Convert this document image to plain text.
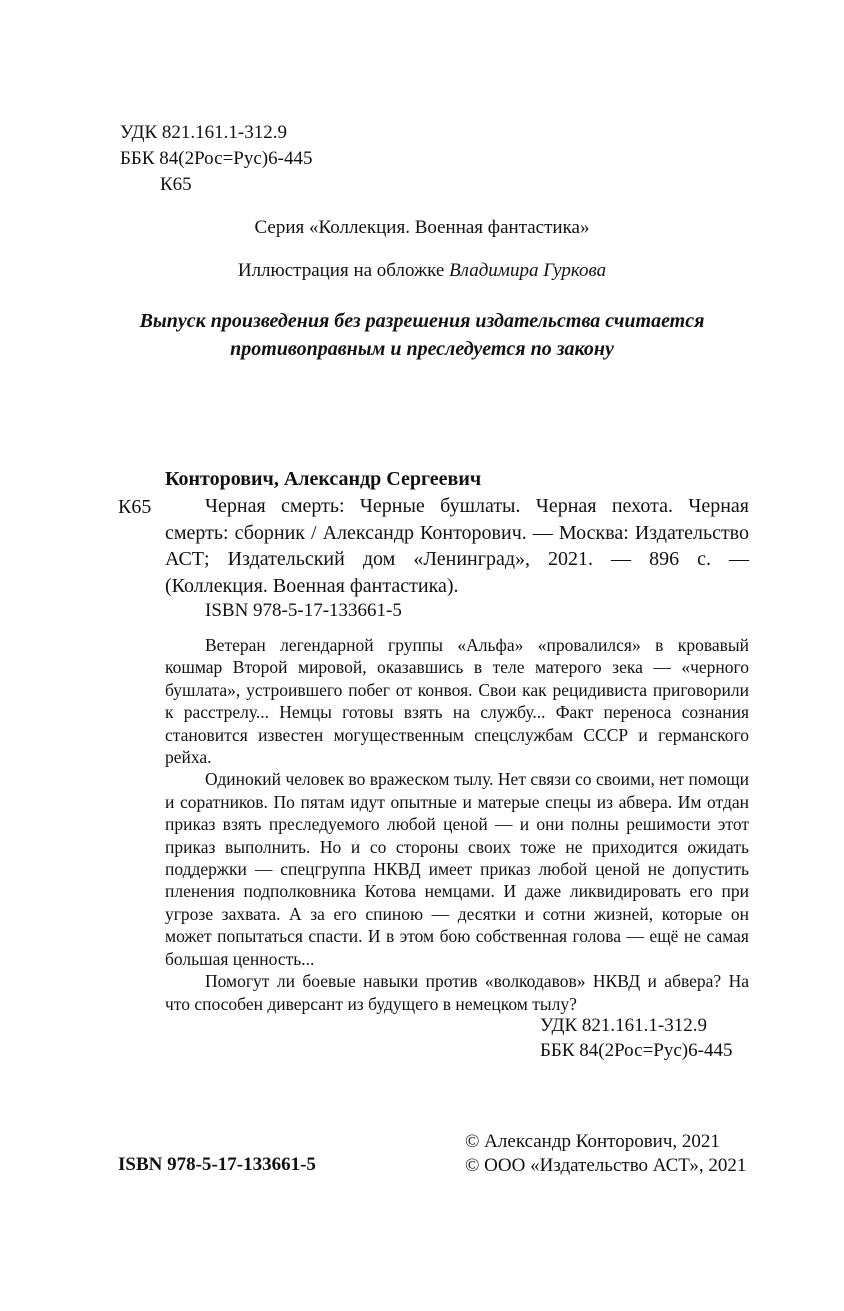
УДК 821.161.1-312.9
ББК 84(2Рос=Рус)6-445
К65
Серия «Коллекция. Военная фантастика»
Иллюстрация на обложке Владимира Гуркова
Выпуск произведения без разрешения издательства считается
противоправным и преследуется по закону
Конторович, Александр Сергеевич
К65	Черная смерть: Черные бушлаты. Черная пехота. Черная смерть: сборник / Александр Конторович. — Москва: Издательство АСТ; Издательский дом «Ленинград», 2021. — 896 с. — (Коллекция. Военная фантастика).
ISBN 978-5-17-133661-5

Ветеран легендарной группы «Альфа» «провалился» в кровавый кошмар Второй мировой, оказавшись в теле матерого зека — «черного бушлата», устроившего побег от конвоя. Свои как рецидивиста приговорили к расстрелу... Немцы готовы взять на службу... Факт переноса сознания становится известен могущественным спецслужбам СССР и германского рейха.

Одинокий человек во вражеском тылу. Нет связи со своими, нет помощи и соратников. По пятам идут опытные и матерые спецы из абвера. Им отдан приказ взять преследуемого любой ценой — и они полны решимости этот приказ выполнить. Но и со стороны своих тоже не приходится ожидать поддержки — спецгруппа НКВД имеет приказ любой ценой не допустить пленения подполковника Котова немцами. И даже ликвидировать его при угрозе захвата. А за его спиною — десятки и сотни жизней, которые он может попытаться спасти. И в этом бою собственная голова — ещё не самая большая ценность...

Помогут ли боевые навыки против «волкодавов» НКВД и абвера? На что способен диверсант из будущего в немецком тылу?

УДК 821.161.1-312.9
ББК 84(2Рос=Рус)6-445
© Александр Конторович, 2021
© ООО «Издательство АСТ», 2021
ISBN 978-5-17-133661-5
